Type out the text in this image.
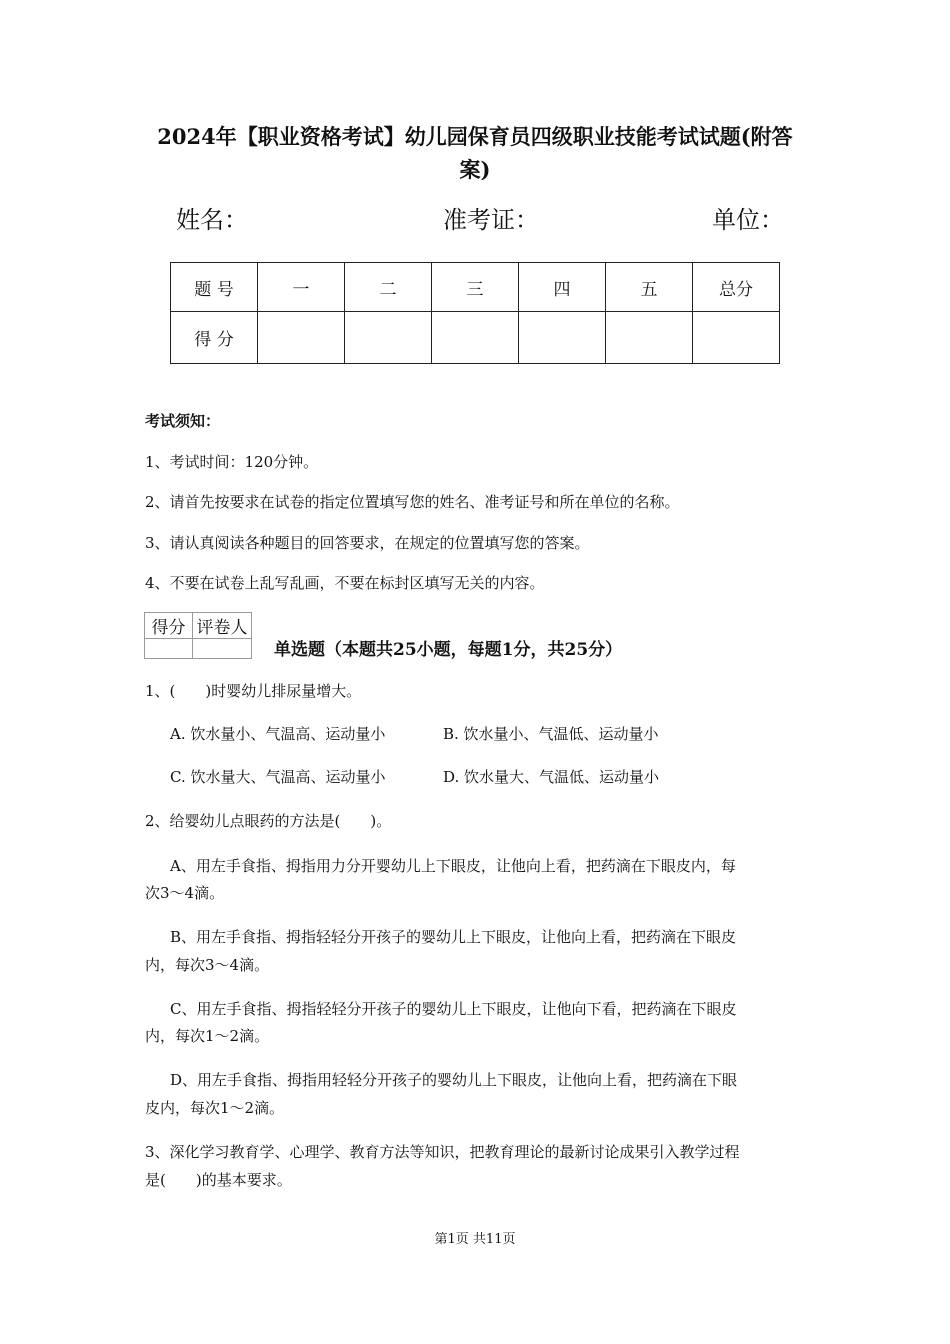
2024年【职业资格考试】幼儿园保育员四级职业技能考试试题(附答案)
姓名：	准考证：	单位：
题 号	一	二	三	四	五	总分
得 分						
考试须知：
1、考试时间：120分钟。
2、请首先按要求在试卷的指定位置填写您的姓名、准考证号和所在单位的名称。
3、请认真阅读各种题目的回答要求，在规定的位置填写您的答案。
4、不要在试卷上乱写乱画，不要在标封区填写无关的内容。
得分	评卷人

单选题（本题共25小题，每题1分，共25分）
1、(　　)时婴幼儿排尿量增大。
A. 饮水量小、气温高、运动量小	B. 饮水量小、气温低、运动量小
C. 饮水量大、气温高、运动量小	D. 饮水量大、气温低、运动量小
2、给婴幼儿点眼药的方法是(　　)。
A、用左手食指、拇指用力分开婴幼儿上下眼皮，让他向上看，把药滴在下眼皮内，每
次3～4滴。
B、用左手食指、拇指轻轻分开孩子的婴幼儿上下眼皮，让他向上看，把药滴在下眼皮
内，每次3～4滴。
C、用左手食指、拇指轻轻分开孩子的婴幼儿上下眼皮，让他向下看，把药滴在下眼皮
内，每次1～2滴。
D、用左手食指、拇指用轻轻分开孩子的婴幼儿上下眼皮，让他向上看，把药滴在下眼
皮内，每次1～2滴。
3、深化学习教育学、心理学、教育方法等知识，把教育理论的最新讨论成果引入教学过程
是(　　)的基本要求。
第1页 共11页
